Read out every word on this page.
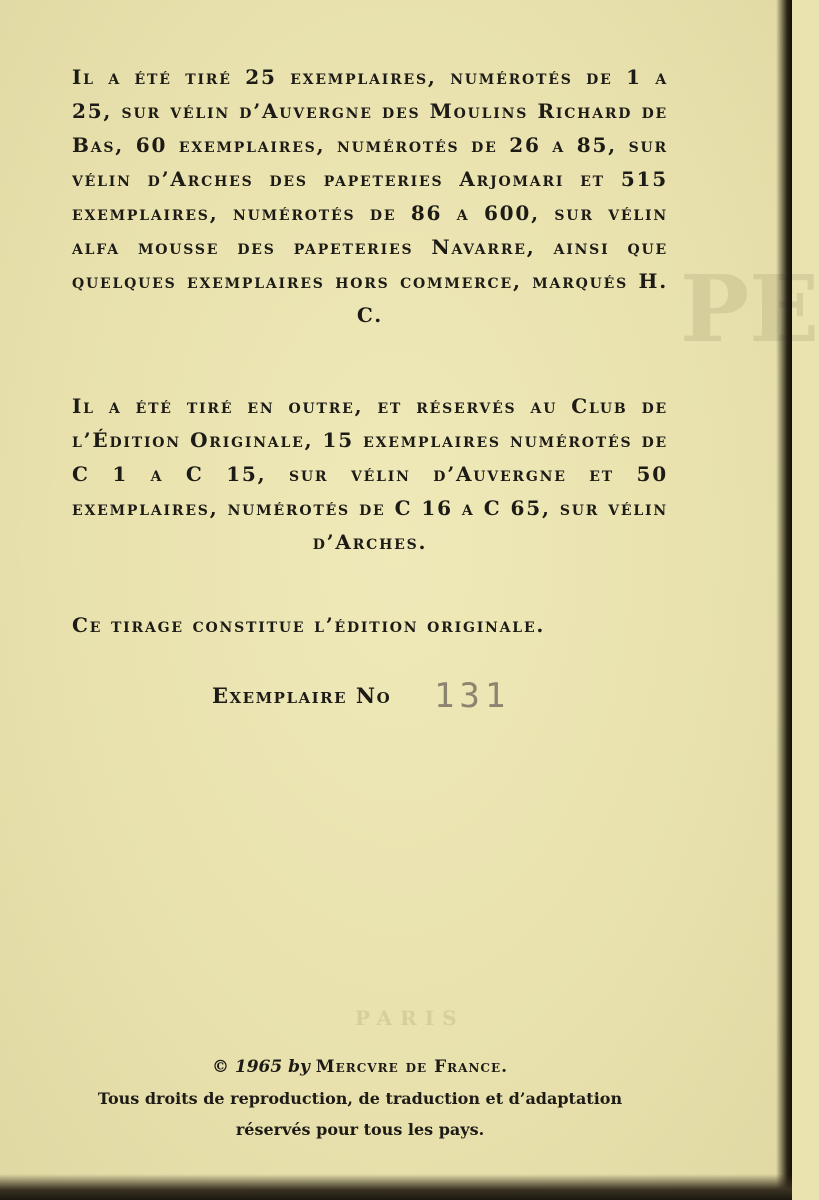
PE
PARIS
Il a été tiré 25 exemplaires, numérotés de 1 a 25, sur vélin d’Auvergne des Moulins Richard de Bas, 60 exemplaires, numérotés de 26 a 85, sur vélin d’Arches des papeteries Arjomari et 515 exemplaires, numérotés de 86 a 600, sur vélin alfa mousse des papeteries Navarre, ainsi que quelques exemplaires hors commerce, marqués H. C.
Il a été tiré en outre, et réservés au Club de l’Édition Originale, 15 exemplaires numérotés de C 1 a C 15, sur vélin d’Auvergne et 50 exemplaires, numérotés de C 16 a C 65, sur vélin d’Arches.
Ce tirage constitue l’édition originale.
Exemplaire No 131
© 1965 by Mercvre de France.
Tous droits de reproduction, de traduction et d’adaptation
réservés pour tous les pays.
